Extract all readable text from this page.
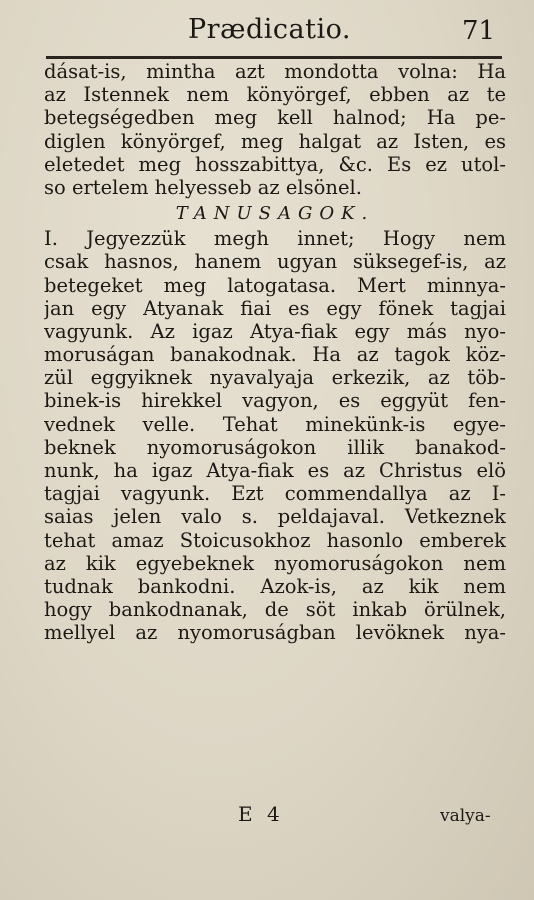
Prædicatio.	71
dásat-is, mintha azt mondotta volna: Ha
az Istennek nem könyörgef, ebben az te
betegségedben meg kell halnod; Ha pe-
diglen könyörgef, meg halgat az Isten, es
eletedet meg hosszabittya, &c. Es ez utol-
so ertelem helyesseb az elsönel.
TANUSAGOK.
I. Jegyezzük megh innet; Hogy nem
csak hasnos, hanem ugyan süksegef-is, az
betegeket meg latogatasa. Mert minnya-
jan egy Atyanak fiai es egy fönek tagjai
vagyunk. Az igaz Atya-fiak egy más nyo-
moruságan banakodnak. Ha az tagok köz-
zül eggyiknek nyavalyaja erkezik, az töb-
binek-is hirekkel vagyon, es eggyüt fen-
vednek velle. Tehat minekünk-is egye-
beknek nyomoruságokon illik banakod-
nunk, ha igaz Atya-fiak es az Christus elö
tagjai vagyunk. Ezt commendallya az I-
saias jelen valo s. peldajaval. Vetkeznek
tehat amaz Stoicusokhoz hasonlo emberek
az kik egyebeknek nyomoruságokon nem
tudnak bankodni. Azok-is, az kik nem
hogy bankodnanak, de söt inkab örülnek,
mellyel az nyomoruságban levöknek nya-
E 4	valya-
